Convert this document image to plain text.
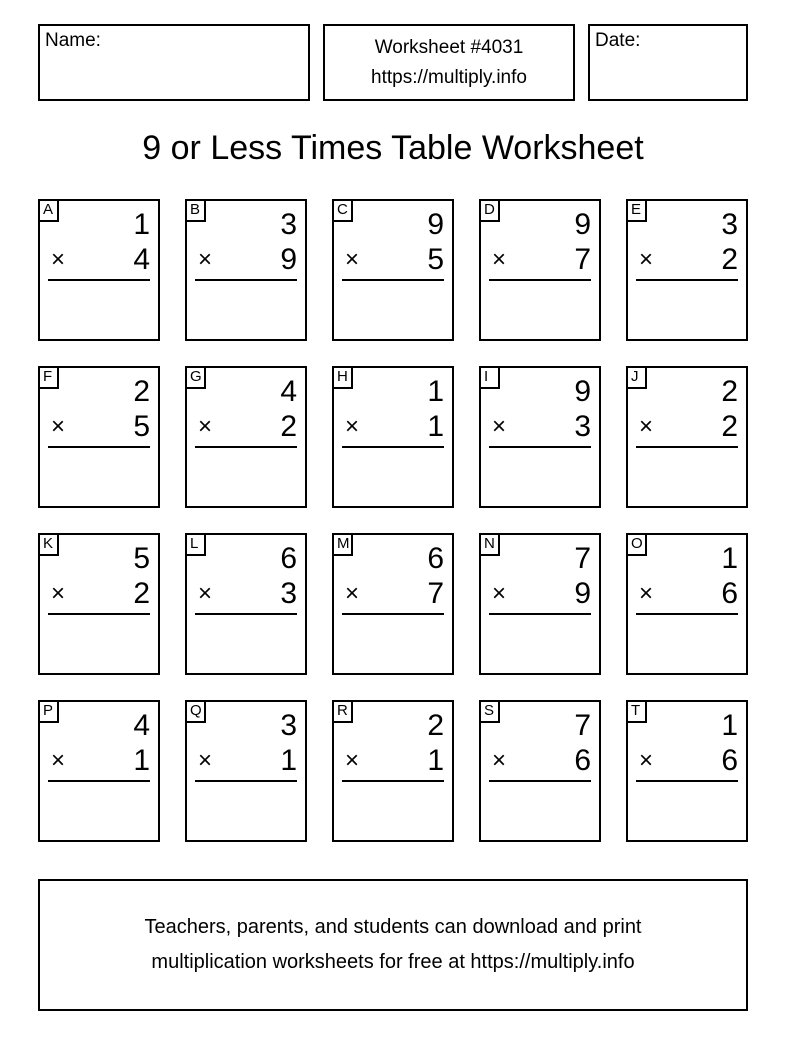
Name:	Worksheet #4031
https://multiply.info
Date:
9 or Less Times Table Worksheet
A	1
× 4
B	3
× 9
C	9
× 5
D	9
× 7
E	3
× 2
F	2
× 5
G	4
× 2
H	1
× 1
I	9
× 3
J	2
× 2
K	5
× 2
L	6
× 3
M	6
× 7
N	7
× 9
O	1
× 6
P	4
× 1
Q	3
× 1
R	2
× 1
S	7
× 6
T	1
× 6
Teachers, parents, and students can download and print
multiplication worksheets for free at https://multiply.info
